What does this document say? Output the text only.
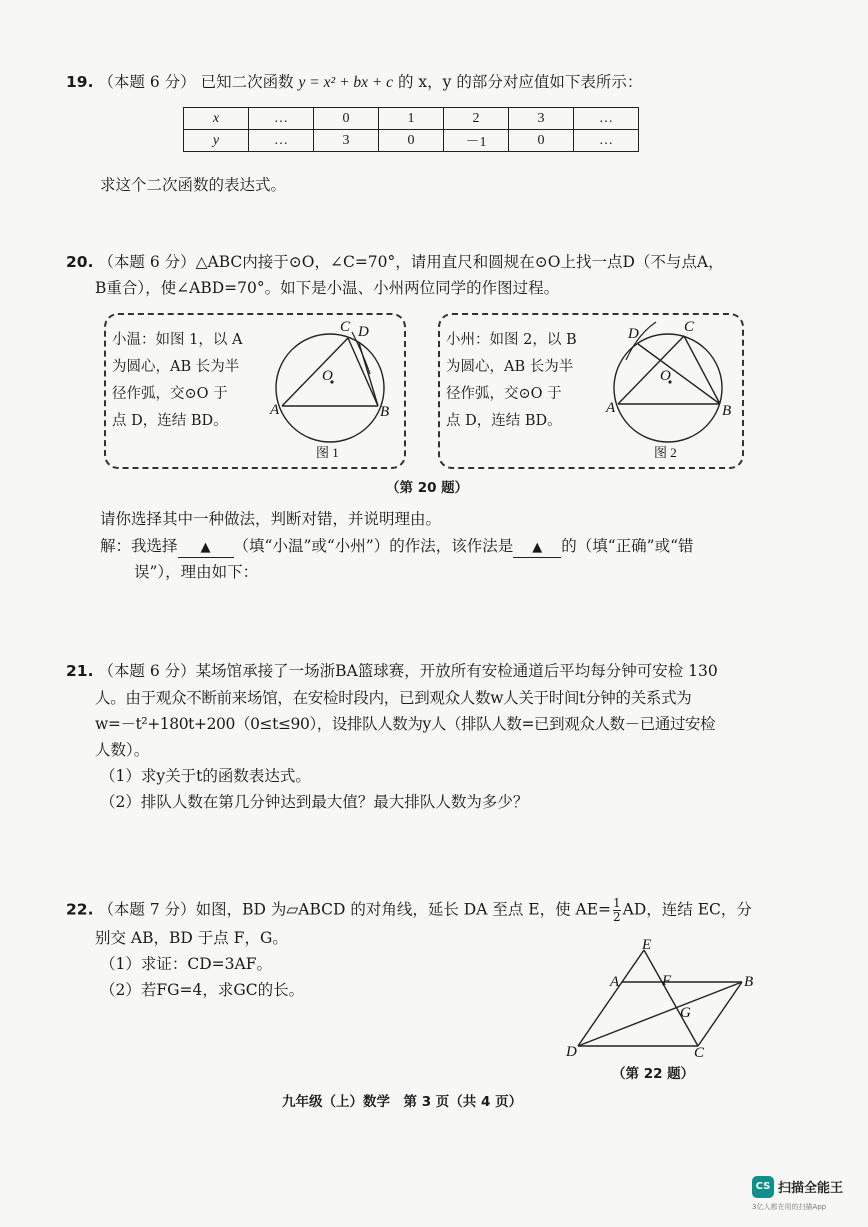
19. （本题 6 分） 已知二次函数 y = x² + bx + c 的 x，y 的部分对应值如下表所示：
x	…	0	1	2	3	…
y	…	3	0	－1	0	…
求这个二次函数的表达式。
20. （本题 6 分）△ABC内接于⊙O，∠C=70°，请用直尺和圆规在⊙O上找一点D（不与点A，
B重合），使∠ABD=70°。如下是小温、小州两位同学的作图过程。
小温：如图 1，以 A
为圆心，AB 长为半
径作弧，交⊙O 于
点 D，连结 BD。
A	B
C D
O
图 1
小州：如图 2，以 B
为圆心，AB 长为半
径作弧，交⊙O 于
点 D，连结 BD。
A	B
C
D
O
图 2
（第 20 题）
请你选择其中一种做法，判断对错，并说明理由。
解：我选择 ▲ （填“小温”或“小州”）的作法，该作法是 ▲ 的（填“正确”或“错
误”），理由如下：
21. （本题 6 分）某场馆承接了一场浙BA篮球赛，开放所有安检通道后平均每分钟可安检 130
人。由于观众不断前来场馆，在安检时段内，已到观众人数w人关于时间t分钟的关系式为
w=－t²+180t+200（0≤t≤90），设排队人数为y人（排队人数=已到观众人数－已通过安检
人数）。
（1）求y关于t的函数表达式。
（2）排队人数在第几分钟达到最大值？最大排队人数为多少？
22. （本题 7 分）如图，BD 为▱ABCD 的对角线，延长 DA 至点 E，使 $AE= \frac{1}{2}$ AD，连结 EC，分
别交 AB，BD 于点 F，G。
（1）求证：CD=3AF。
（2）若FG=4，求GC的长。
E
A	F	B
G
D	C
（第 22 题）
九年级（上）数学　第 3 页（共 4 页）
CS 扫描全能王
3亿人都在用的扫描App
